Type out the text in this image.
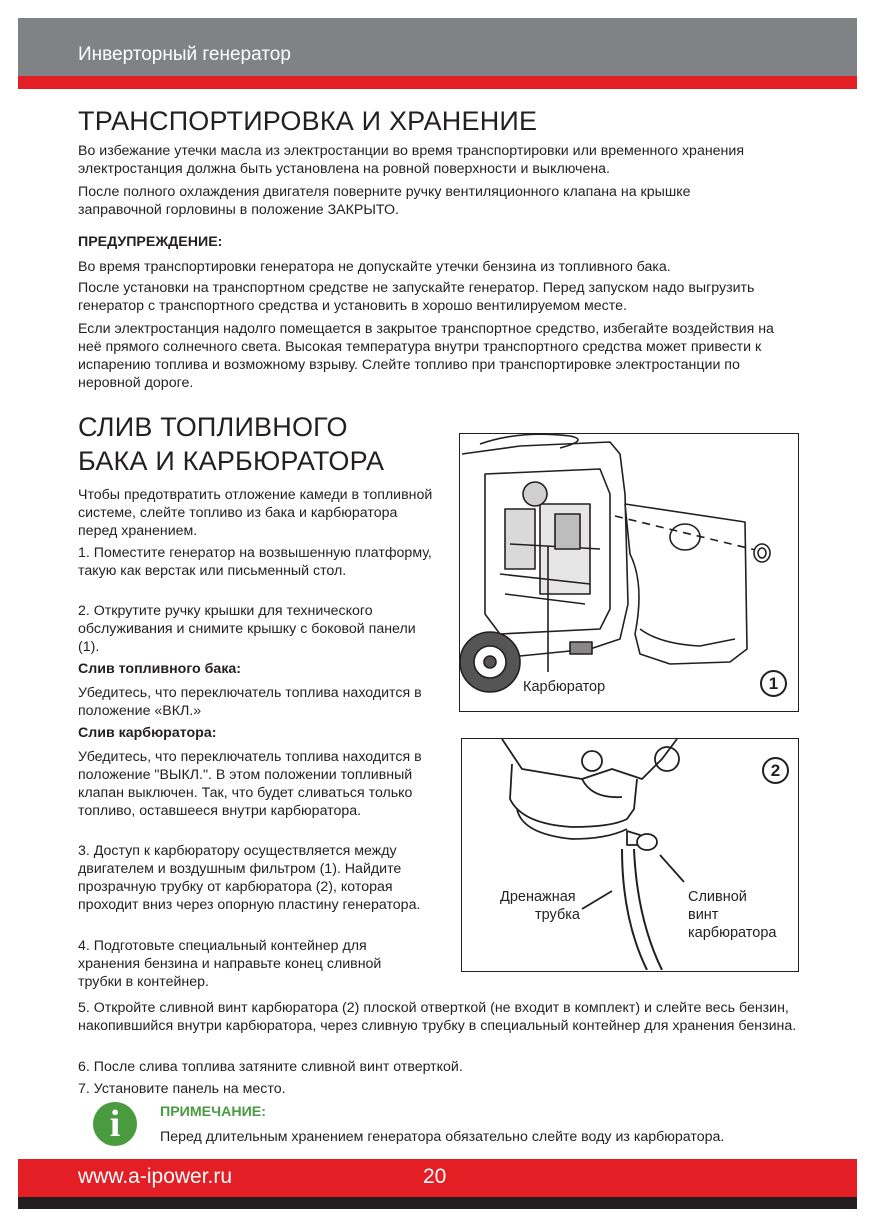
Инверторный генератор
ТРАНСПОРТИРОВКА И ХРАНЕНИЕ

Во избежание утечки масла из электростанции во время транспортировки или временного хранения электростанция должна быть установлена на ровной поверхности и выключена.

После полного охлаждения двигателя поверните ручку вентиляционного клапана на крышке заправочной горловины в положение ЗАКРЫТО.

ПРЕДУПРЕЖДЕНИЕ:

Во время транспортировки генератора не допускайте утечки бензина из топливного бака.

После установки на транспортном средстве не запускайте генератор. Перед запуском надо выгрузить генератор с транспортного средства и установить в хорошо вентилируемом месте.

Если электростанция надолго помещается в закрытое транспортное средство, избегайте воздействия на неё прямого солнечного света. Высокая температура внутри транспортного средства может привести к испарению топлива и возможному взрыву. Слейте топливо при транспортировке электростанции по неровной дороге.

СЛИВ ТОПЛИВНОГО
БАКА И КАРБЮРАТОРА

Чтобы предотвратить отложение камеди в топливной системе, слейте топливо из бака и карбюратора перед хранением.

1. Поместите генератор на возвышенную платформу, такую как верстак или письменный стол.

2. Открутите ручку крышки для технического обслуживания и снимите крышку с боковой панели (1).

Слив топливного бака:

Убедитесь, что переключатель топлива находится в положение «ВКЛ.»

Слив карбюратора:

Убедитесь, что переключатель топлива находится в положение "ВЫКЛ.". В этом положении топливный клапан выключен. Так, что будет сливаться только топливо, оставшееся внутри карбюратора.

3. Доступ к карбюратору осуществляется между двигателем и воздушным фильтром (1). Найдите прозрачную трубку от карбюратора (2), которая проходит вниз через опорную пластину генератора.

4. Подготовьте специальный контейнер для хранения бензина и направьте конец сливной трубки в контейнер.

5. Откройте сливной винт карбюратора (2) плоской отверткой (не входит в комплект) и слейте весь бензин, накопившийся внутри карбюратора, через сливную трубку в специальный контейнер для хранения бензина.

6. После слива топлива затяните сливной винт отверткой.

7. Установите панель на место.

Карбюратор	1
2
Дренажная
трубка
Сливной
винт
карбюратора
i	ПРИМЕЧАНИЕ:

Перед длительным хранением генератора обязательно слейте воду из карбюратора.

www.a-ipower.ru	20
